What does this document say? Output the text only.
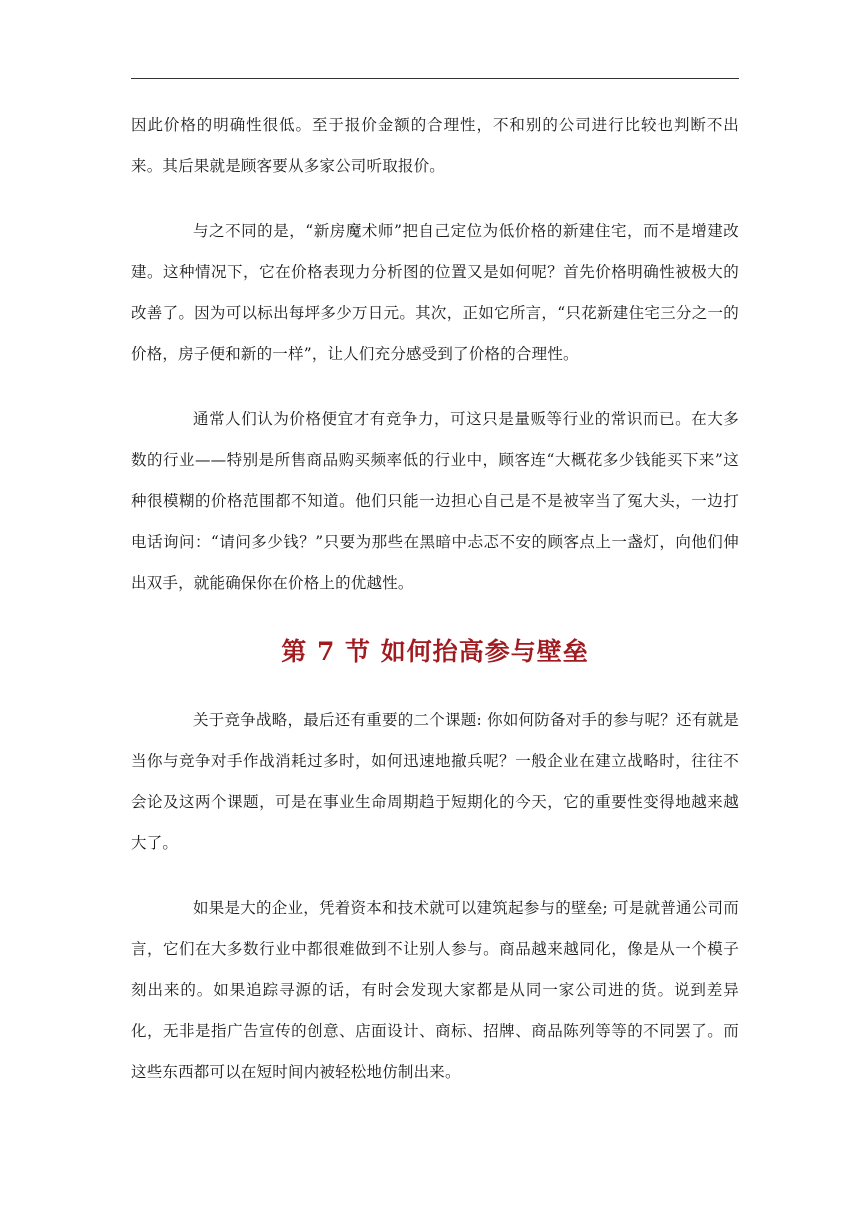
因此价格的明确性很低。至于报价金额的合理性，不和别的公司进行比较也判断不出来。其后果就是顾客要从多家公司听取报价。

与之不同的是，“新房魔术师”把自己定位为低价格的新建住宅，而不是增建改建。这种情况下，它在价格表现力分析图的位置又是如何呢？首先价格明确性被极大的改善了。因为可以标出每坪多少万日元。其次，正如它所言，“只花新建住宅三分之一的价格，房子便和新的一样”，让人们充分感受到了价格的合理性。

通常人们认为价格便宜才有竞争力，可这只是量贩等行业的常识而已。在大多数的行业——特别是所售商品购买频率低的行业中，顾客连“大概花多少钱能买下来”这种很模糊的价格范围都不知道。他们只能一边担心自己是不是被宰当了冤大头，一边打电话询问：“请问多少钱？”只要为那些在黑暗中忐忑不安的顾客点上一盏灯，向他们伸出双手，就能确保你在价格上的优越性。

第 7 节 如何抬高参与壁垒

关于竞争战略，最后还有重要的二个课题: 你如何防备对手的参与呢？还有就是当你与竞争对手作战消耗过多时，如何迅速地撤兵呢？一般企业在建立战略时，往往不会论及这两个课题，可是在事业生命周期趋于短期化的今天，它的重要性变得地越来越大了。

如果是大的企业，凭着资本和技术就可以建筑起参与的壁垒; 可是就普通公司而言，它们在大多数行业中都很难做到不让别人参与。商品越来越同化，像是从一个模子刻出来的。如果追踪寻源的话，有时会发现大家都是从同一家公司进的货。说到差异化，无非是指广告宣传的创意、店面设计、商标、招牌、商品陈列等等的不同罢了。而这些东西都可以在短时间内被轻松地仿制出来。
